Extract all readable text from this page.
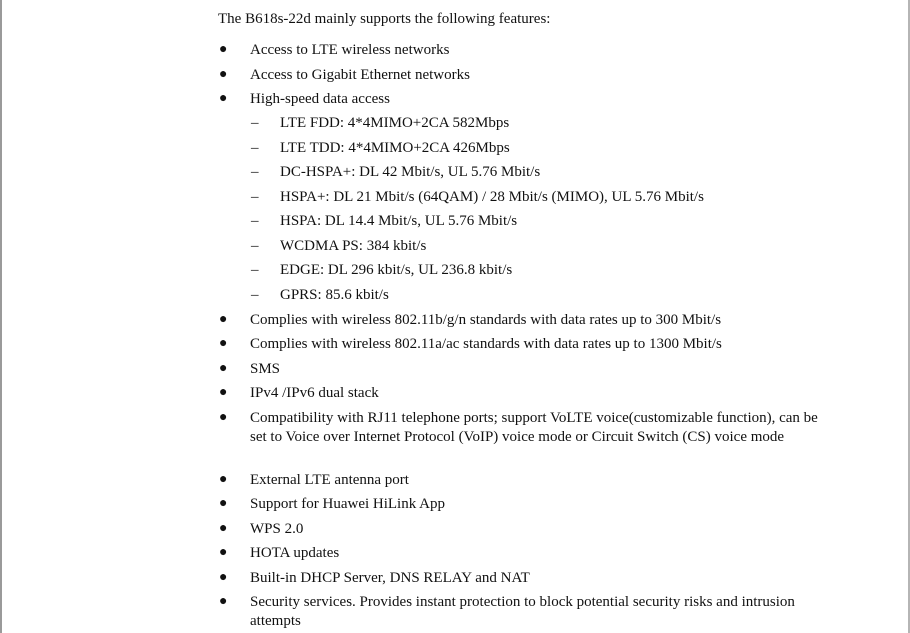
The B618s-22d mainly supports the following features:
● Access to LTE wireless networks
● Access to Gigabit Ethernet networks
● High-speed data access
– LTE FDD: 4*4MIMO+2CA 582Mbps
– LTE TDD: 4*4MIMO+2CA 426Mbps
– DC-HSPA+: DL 42 Mbit/s, UL 5.76 Mbit/s
– HSPA+: DL 21 Mbit/s (64QAM) / 28 Mbit/s (MIMO), UL 5.76 Mbit/s
– HSPA: DL 14.4 Mbit/s, UL 5.76 Mbit/s
– WCDMA PS: 384 kbit/s
– EDGE: DL 296 kbit/s, UL 236.8 kbit/s
– GPRS: 85.6 kbit/s
● Complies with wireless 802.11b/g/n standards with data rates up to 300 Mbit/s
● Complies with wireless 802.11a/ac standards with data rates up to 1300 Mbit/s
● SMS
● IPv4 /IPv6 dual stack
● Compatibility with RJ11 telephone ports; support VoLTE voice(customizable function), can be set to Voice over Internet Protocol (VoIP) voice mode or Circuit Switch (CS) voice mode
● External LTE antenna port
● Support for Huawei HiLink App
● WPS 2.0
● HOTA updates
● Built-in DHCP Server, DNS RELAY and NAT
● Security services. Provides instant protection to block potential security risks and intrusion attempts
